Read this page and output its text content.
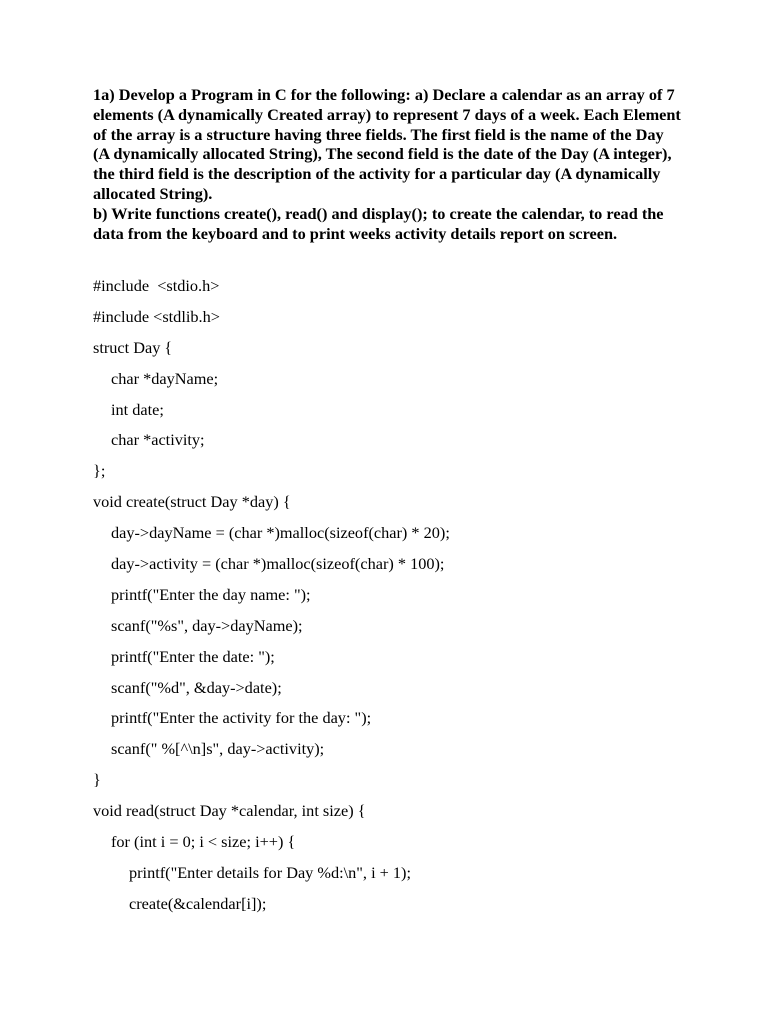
1a) Develop a Program in C for the following: a) Declare a calendar as an array of 7 elements (A dynamically Created array) to represent 7 days of a week. Each Element of the array is a structure having three fields. The first field is the name of the Day (A dynamically allocated String), The second field is the date of the Day (A integer), the third field is the description of the activity for a particular day (A dynamically allocated String).

b) Write functions create(), read() and display(); to create the calendar, to read the data from the keyboard and to print weeks activity details report on screen.

#include  <stdio.h>
#include <stdlib.h>
struct Day {
char *dayName;
int date;
char *activity;
};
void create(struct Day *day) {
day->dayName = (char *)malloc(sizeof(char) * 20);
day->activity = (char *)malloc(sizeof(char) * 100);
printf("Enter the day name: ");
scanf("%s", day->dayName);
printf("Enter the date: ");
scanf("%d", &day->date);
printf("Enter the activity for the day: ");
scanf(" %[^\n]s", day->activity);
}
void read(struct Day *calendar, int size) {
for (int i = 0; i < size; i++) {
printf("Enter details for Day %d:\n", i + 1);
create(&calendar[i]);
